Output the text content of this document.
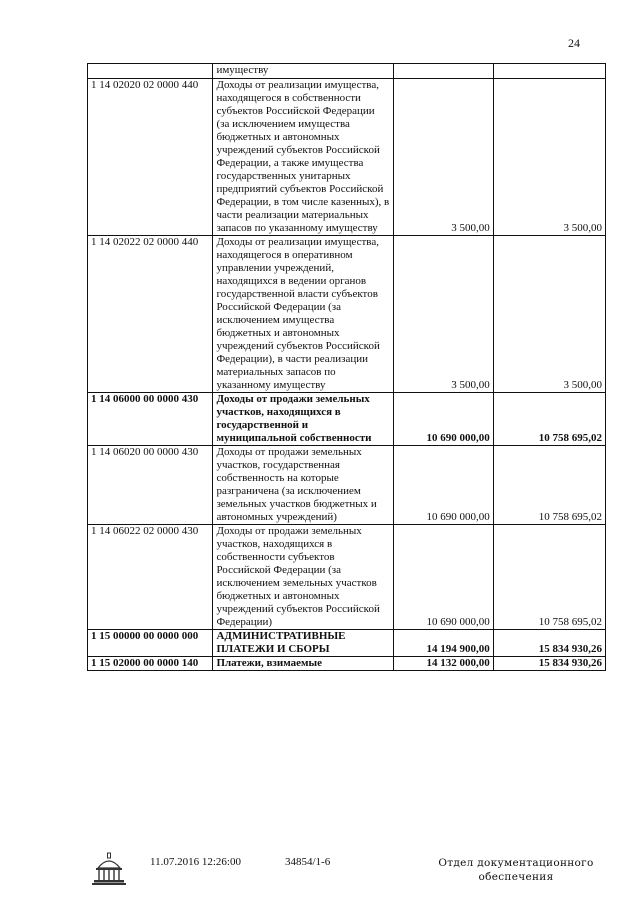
24
	имуществу		
1 14 02020 02 0000 440	Доходы от реализации имущества, находящегося в собственности субъектов Российской Федерации (за исключением имущества бюджетных и автономных учреждений субъектов Российской Федерации, а также имущества государственных унитарных предприятий субъектов Российской Федерации, в том числе казенных), в части реализации материальных запасов по указанному имуществу	3 500,00	3 500,00
1 14 02022 02 0000 440	Доходы от реализации имущества, находящегося в оперативном управлении учреждений, находящихся в ведении органов государственной власти субъектов Российской Федерации (за исключением имущества бюджетных и автономных учреждений субъектов Российской Федерации), в части реализации материальных запасов по указанному имуществу	3 500,00	3 500,00
1 14 06000 00 0000 430	Доходы от продажи земельных участков, находящихся в государственной и муниципальной собственности	10 690 000,00	10 758 695,02
1 14 06020 00 0000 430	Доходы от продажи земельных участков, государственная собственность на которые разграничена (за исключением земельных участков бюджетных и автономных учреждений)	10 690 000,00	10 758 695,02
1 14 06022 02 0000 430	Доходы от продажи земельных участков, находящихся в собственности субъектов Российской Федерации (за исключением земельных участков бюджетных и автономных учреждений субъектов Российской Федерации)	10 690 000,00	10 758 695,02
1 15 00000 00 0000 000	АДМИНИСТРАТИВНЫЕ ПЛАТЕЖИ И СБОРЫ	14 194 900,00	15 834 930,26
1 15 02000 00 0000 140	Платежи, взимаемые	14 132 000,00	15 834 930,26
11.07.2016 12:26:00	34854/1-6	Отдел документационного
обеспечения
